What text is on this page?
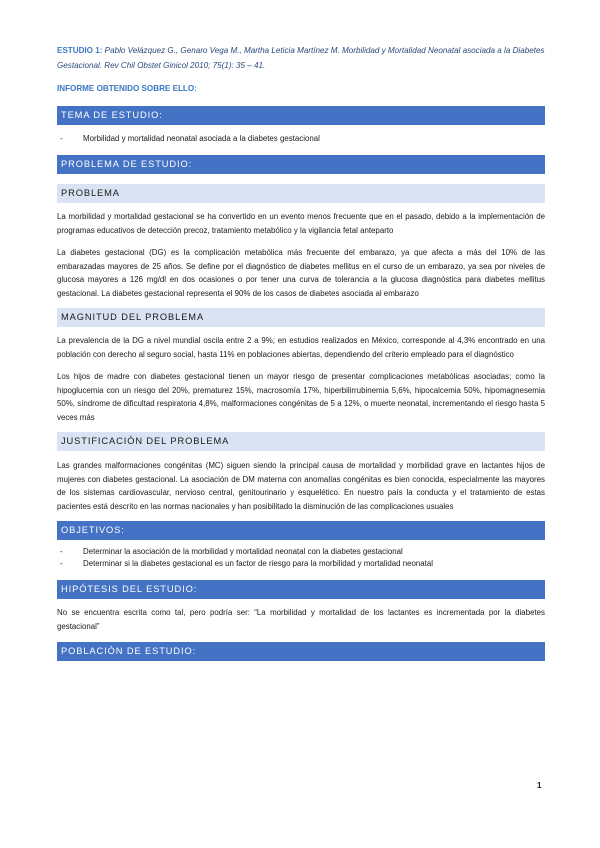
ESTUDIO 1: Pablo Velázquez G., Genaro Vega M., Martha Leticia Martínez M. Morbilidad y Mortalidad Neonatal asociada a la Diabetes Gestacional. Rev Chil Obstet Ginicol 2010; 75(1): 35 – 41.

INFORME OBTENIDO SOBRE ELLO:
TEMA DE ESTUDIO:
-	Morbilidad y mortalidad neonatal asociada a la diabetes gestacional
PROBLEMA DE ESTUDIO:
PROBLEMA

La morbilidad y mortalidad gestacional se ha convertido en un evento menos frecuente que en el pasado, debido a la implementación de programas educativos de detección precoz, tratamiento metabólico y la vigilancia fetal anteparto

La diabetes gestacional (DG) es la complicación metabólica más frecuente del embarazo, ya que afecta a más del 10% de las embarazadas mayores de 25 años. Se define por el diagnóstico de diabetes mellitus en el curso de un embarazo, ya sea por niveles de glucosa mayores a 126 mg/dl en dos ocasiones o por tener una curva de tolerancia a la glucosa diagnóstica para diabetes mellitus gestacional. La diabetes gestacional representa el 90% de los casos de diabetes asociada al embarazo

MAGNITUD DEL PROBLEMA

La prevalencia de la DG a nivel mundial oscila entre 2 a 9%; en estudios realizados en México, corresponde al 4,3% encontrado en una población con derecho al seguro social, hasta 11% en poblaciones abiertas, dependiendo del criterio empleado para el diagnóstico

Los hijos de madre con diabetes gestacional tienen un mayor riesgo de presentar complicaciones metabólicas asociadas; como la hipoglucemia con un riesgo del 20%, prematurez 15%, macrosomía 17%, hiperbilirrubinemia 5,6%, hipocalcemia 50%, hipomagnesemia 50%, síndrome de dificultad respiratoria 4,8%, malformaciones congénitas de 5 a 12%, o muerte neonatal, incrementando el riesgo hasta 5 veces más

JUSTIFICACIÓN DEL PROBLEMA

Las grandes malformaciones congénitas (MC) siguen siendo la principal causa de mortalidad y morbilidad grave en lactantes hijos de mujeres con diabetes gestacional. La asociación de DM materna con anomalías congénitas es bien conocida, especialmente las mayores de los sistemas cardiovascular, nervioso central, genitourinario y esquelético. En nuestro país la conducta y el tratamiento de estas pacientes está descrito en las normas nacionales y han posibilitado la disminución de las complicaciones usuales

OBJETIVOS:
-	Determinar la asociación de la morbilidad y mortalidad neonatal con la diabetes gestacional
-	Determinar si la diabetes gestacional es un factor de riesgo para la morbilidad y mortalidad neonatal
HIPÓTESIS DEL ESTUDIO:

No se encuentra escrita como tal, pero podría ser: “La morbilidad y mortalidad de los lactantes es incrementada por la diabetes gestacional”

POBLACIÓN DE ESTUDIO:
1
